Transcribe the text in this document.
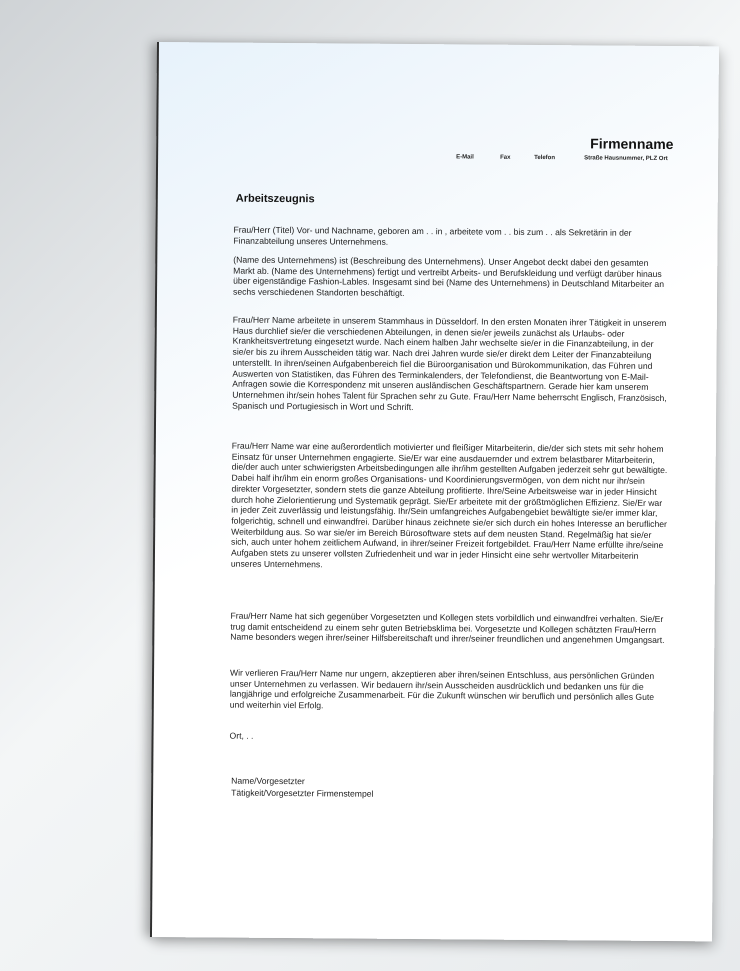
Firmenname
E-Mail	Fax	Telefon	Straße Hausnummer, PLZ Ort
Arbeitszeugnis

Frau/Herr (Titel) Vor- und Nachname, geboren am . . in , arbeitete vom . . bis zum . . als Sekretärin in der Finanzabteilung unseres Unternehmens.

(Name des Unternehmens) ist (Beschreibung des Unternehmens). Unser Angebot deckt dabei den gesamten Markt ab. (Name des Unternehmens) fertigt und vertreibt Arbeits- und Berufskleidung und verfügt darüber hinaus über eigenständige Fashion-Lables. Insgesamt sind bei (Name des Unternehmens) in Deutschland Mitarbeiter an sechs verschiedenen Standorten beschäftigt.

Frau/Herr Name arbeitete in unserem Stammhaus in Düsseldorf. In den ersten Monaten ihrer Tätigkeit in unserem Haus durchlief sie/er die verschiedenen Abteilungen, in denen sie/er jeweils zunächst als Urlaubs- oder Krankheitsvertretung eingesetzt wurde. Nach einem halben Jahr wechselte sie/er in die Finanzabteilung, in der sie/er bis zu ihrem Ausscheiden tätig war. Nach drei Jahren wurde sie/er direkt dem Leiter der Finanzabteilung unterstellt. In ihren/seinen Aufgabenbereich fiel die Büroorganisation und Bürokommunikation, das Führen und Auswerten von Statistiken, das Führen des Terminkalenders, der Telefondienst, die Beantwortung von E-Mail-Anfragen sowie die Korrespondenz mit unseren ausländischen Geschäftspartnern. Gerade hier kam unserem Unternehmen ihr/sein hohes Talent für Sprachen sehr zu Gute. Frau/Herr Name beherrscht Englisch, Französisch, Spanisch und Portugiesisch in Wort und Schrift.

Frau/Herr Name war eine außerordentlich motivierter und fleißiger Mitarbeiterin, die/der sich stets mit sehr hohem Einsatz für unser Unternehmen engagierte. Sie/Er war eine ausdauernder und extrem belastbarer Mitarbeiterin, die/der auch unter schwierigsten Arbeitsbedingungen alle ihr/ihm gestellten Aufgaben jederzeit sehr gut bewältigte. Dabei half ihr/ihm ein enorm großes Organisations- und Koordinierungsvermögen, von dem nicht nur ihr/sein direkter Vorgesetzter, sondern stets die ganze Abteilung profitierte. Ihre/Seine Arbeitsweise war in jeder Hinsicht durch hohe Zielorientierung und Systematik geprägt. Sie/Er arbeitete mit der größtmöglichen Effizienz. Sie/Er war in jeder Zeit zuverlässig und leistungsfähig. Ihr/Sein umfangreiches Aufgabengebiet bewältigte sie/er immer klar, folgerichtig, schnell und einwandfrei. Darüber hinaus zeichnete sie/er sich durch ein hohes Interesse an beruflicher Weiterbildung aus. So war sie/er im Bereich Bürosoftware stets auf dem neusten Stand. Regelmäßig hat sie/er sich, auch unter hohem zeitlichem Aufwand, in ihrer/seiner Freizeit fortgebildet. Frau/Herr Name erfüllte ihre/seine Aufgaben stets zu unserer vollsten Zufriedenheit und war in jeder Hinsicht eine sehr wertvoller Mitarbeiterin unseres Unternehmens.

Frau/Herr Name hat sich gegenüber Vorgesetzten und Kollegen stets vorbildlich und einwandfrei verhalten. Sie/Er trug damit entscheidend zu einem sehr guten Betriebsklima bei. Vorgesetzte und Kollegen schätzten Frau/Herrn Name besonders wegen ihrer/seiner Hilfsbereitschaft und ihrer/seiner freundlichen und angenehmen Umgangsart.

Wir verlieren Frau/Herr Name nur ungern, akzeptieren aber ihren/seinen Entschluss, aus persönlichen Gründen unser Unternehmen zu verlassen. Wir bedauern ihr/sein Ausscheiden ausdrücklich und bedanken uns für die langjährige und erfolgreiche Zusammenarbeit. Für die Zukunft wünschen wir beruflich und persönlich alles Gute und weiterhin viel Erfolg.

Ort, . .
Name/Vorgesetzter
Tätigkeit/Vorgesetzter Firmenstempel
